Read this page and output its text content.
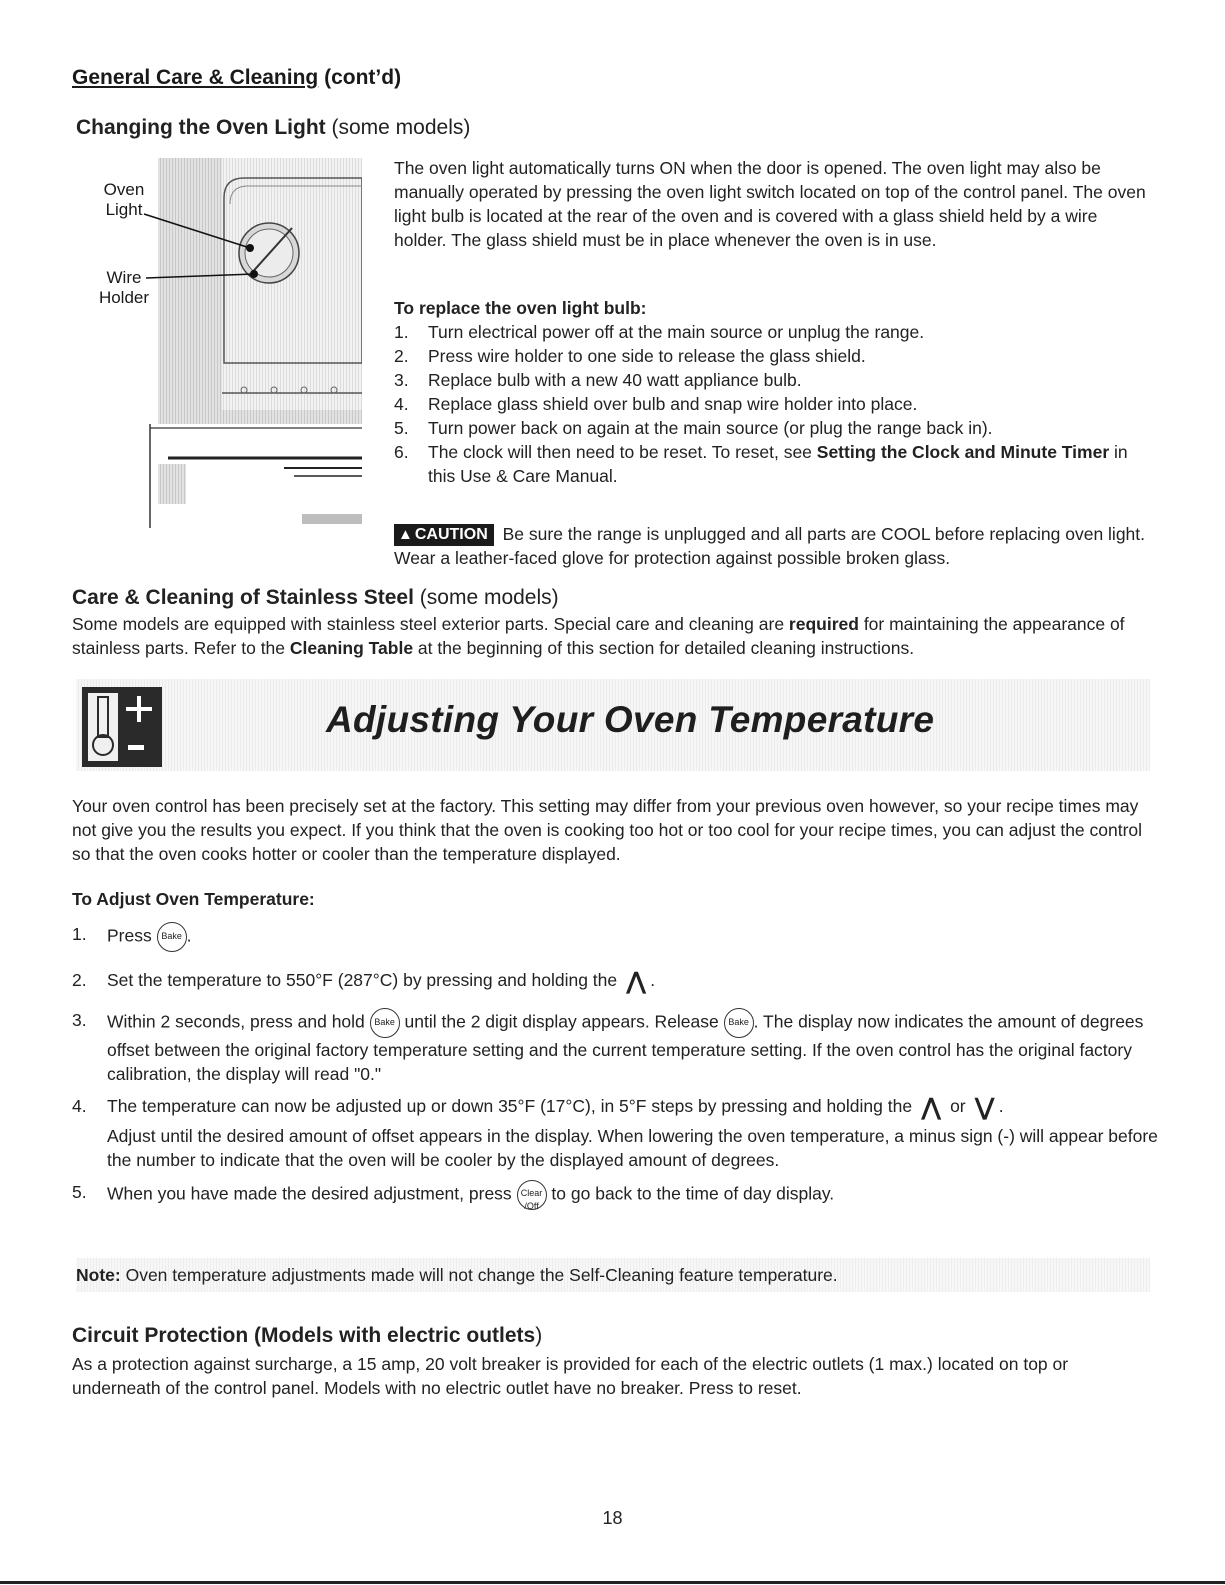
General Care & Cleaning (cont’d)
Changing the Oven Light (some models)
Oven Light
Wire Holder

The oven light automatically turns ON when the door is opened. The oven light may also be manually operated by pressing the oven light switch located on top of the control panel. The oven light bulb is located at the rear of the oven and is covered with a glass shield held by a wire holder. The glass shield must be in place whenever the oven is in use.

To replace the oven light bulb:
1. Turn electrical power off at the main source or unplug the range.
2. Press wire holder to one side to release the glass shield.
3. Replace bulb with a new 40 watt appliance bulb.
4. Replace glass shield over bulb and snap wire holder into place.
5. Turn power back on again at the main source (or plug the range back in).
6. The clock will then need to be reset. To reset, see Setting the Clock and Minute Timer in this Use & Care Manual.

▲ CAUTION Be sure the range is unplugged and all parts are COOL before replacing oven light. Wear a leather-faced glove for protection against possible broken glass.

Care & Cleaning of Stainless Steel (some models)

Some models are equipped with stainless steel exterior parts. Special care and cleaning are required for maintaining the appearance of stainless parts. Refer to the Cleaning Table at the beginning of this section for detailed cleaning instructions.

Adjusting Your Oven Temperature

Your oven control has been precisely set at the factory. This setting may differ from your previous oven however, so your recipe times may not give you the results you expect. If you think that the oven is cooking too hot or too cool for your recipe times, you can adjust the control so that the oven cooks hotter or cooler than the temperature displayed.

To Adjust Oven Temperature:
1. Press Bake .
2. Set the temperature to 550°F (287°C) by pressing and holding the ⋀ .
3. Within 2 seconds, press and hold Bake until the 2 digit display appears. Release Bake . The display now indicates the amount of degrees offset between the original factory temperature setting and the current temperature setting. If the oven control has the original factory calibration, the display will read "0."
4. The temperature can now be adjusted up or down 35°F (17°C), in 5°F steps by pressing and holding the ⋀ or ⋁ .
Adjust until the desired amount of offset appears in the display. When lowering the oven temperature, a minus sign (-) will appear before the number to indicate that the oven will be cooler by the displayed amount of degrees.
5. When you have made the desired adjustment, press Clear
/Off to go back to the time of day display.
Note: Oven temperature adjustments made will not change the Self-Cleaning feature temperature.
Circuit Protection (Models with electric outlets)

As a protection against surcharge, a 15 amp, 20 volt breaker is provided for each of the electric outlets (1 max.) located on top or underneath of the control panel. Models with no electric outlet have no breaker. Press to reset.

18
